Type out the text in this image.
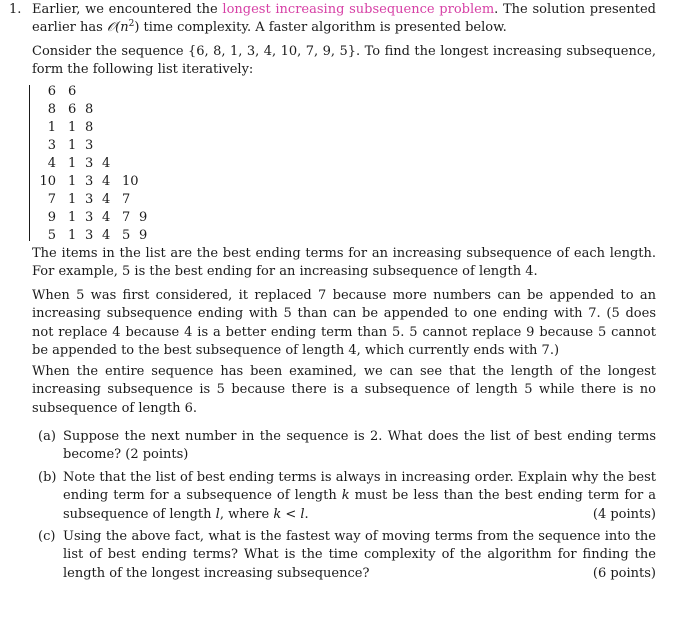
1. Earlier, we encountered the longest increasing subsequence problem. The solution presented earlier has $𝒪(n^2)$ time complexity. A faster algorithm is presented below.
Consider the sequence {6, 8, 1, 3, 4, 10, 7, 9, 5}. To find the longest increasing subsequence, form the following list iteratively:
6 6
8 6 8
1 1 8
3 1 3
4 1 3 4
10 1 3 4 10
7 1 3 4 7
9 1 3 4 7 9
5 1 3 4 5 9
The items in the list are the best ending terms for an increasing subsequence of each length. For example, 5 is the best ending for an increasing subsequence of length 4.
When 5 was first considered, it replaced 7 because more numbers can be appended to an increasing subsequence ending with 5 than can be appended to one ending with 7. (5 does not replace 4 because 4 is a better ending term than 5. 5 cannot replace 9 because 5 cannot be appended to the best subsequence of length 4, which currently ends with 7.)
When the entire sequence has been examined, we can see that the length of the longest increasing subsequence is 5 because there is a subsequence of length 5 while there is no subsequence of length 6.
(a) Suppose the next number in the sequence is 2. What does the list of best ending terms become? (2 points)
(b) Note that the list of best ending terms is always in increasing order. Explain why the best ending term for a subsequence of length k must be less than the best ending term for a subsequence of length l, where k < l.	(4 points)
(c) Using the above fact, what is the fastest way of moving terms from the sequence into the list of best ending terms? What is the time complexity of the algorithm for finding the length of the longest increasing subsequence?	(6 points)
